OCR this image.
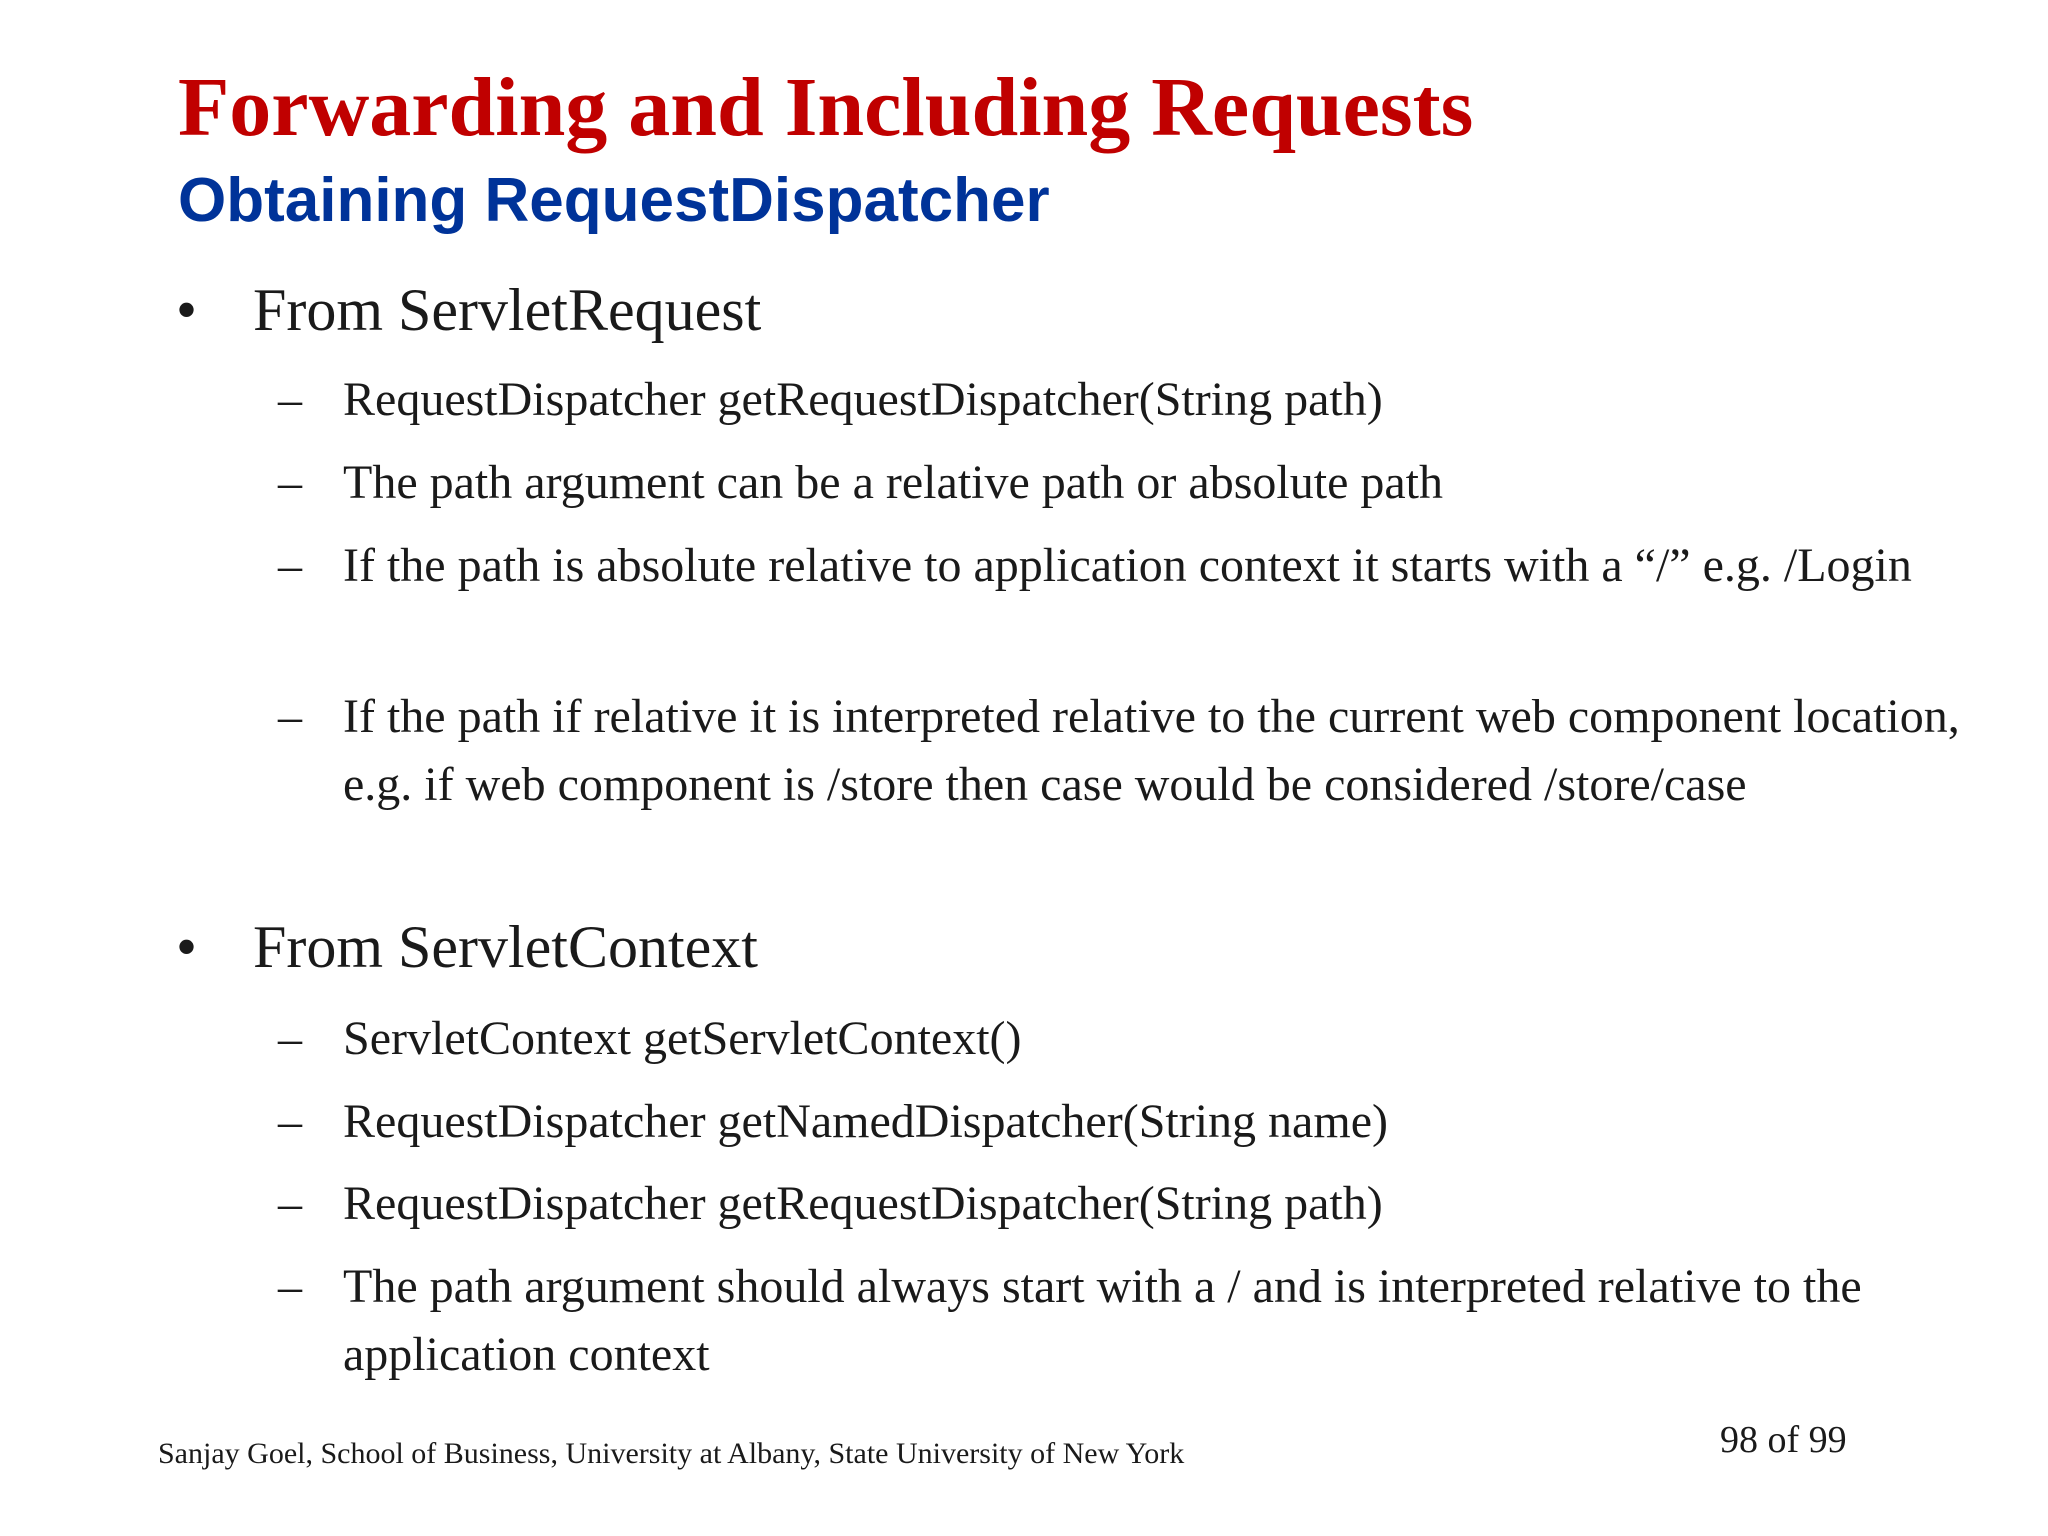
Forwarding and Including Requests
Obtaining RequestDispatcher
• From ServletRequest
– RequestDispatcher getRequestDispatcher(String path)
– The path argument can be a relative path or absolute path
– If the path is absolute relative to application context it starts with a “/” e.g. /Login
– If the path if relative it is interpreted relative to the current web component location, e.g. if web component is /store then case would be considered /store/case
• From ServletContext
– ServletContext getServletContext()
– RequestDispatcher getNamedDispatcher(String name)
– RequestDispatcher getRequestDispatcher(String path)
– The path argument should always start with a / and is interpreted relative to the application context
Sanjay Goel, School of Business, University at Albany, State University of New York	98 of 99
